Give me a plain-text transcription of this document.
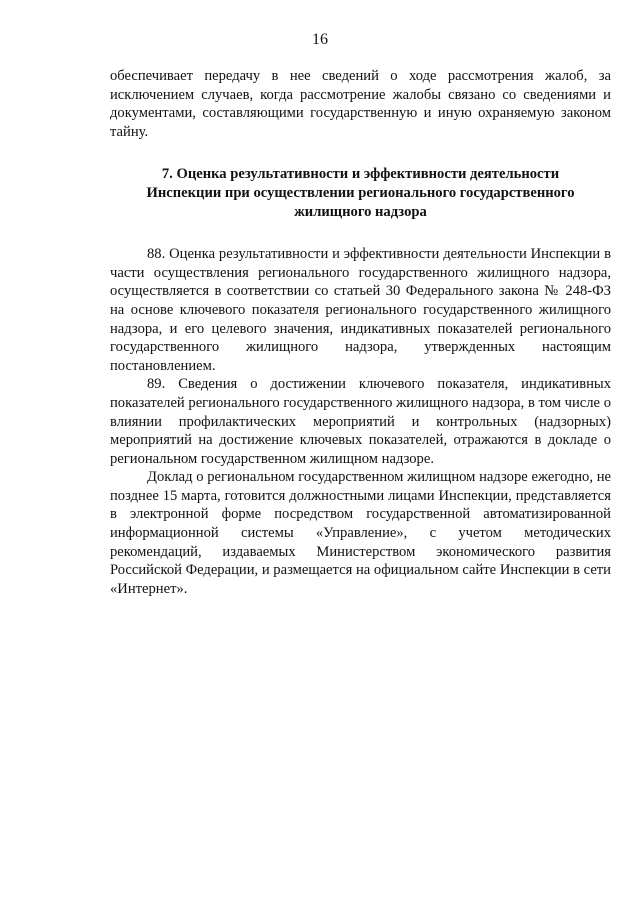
16

обеспечивает передачу в нее сведений о ходе рассмотрения жалоб, за исключением случаев, когда рассмотрение жалобы связано со сведениями и документами, составляющими государственную и иную охраняемую законом тайну.

7. Оценка результативности и эффективности деятельности
Инспекции при осуществлении регионального государственного
жилищного надзора

88. Оценка результативности и эффективности деятельности Инспекции в части осуществления регионального государственного жилищного надзора, осуществляется в соответствии со статьей 30 Федерального закона № 248-ФЗ на основе ключевого показателя регионального государственного жилищного надзора, и его целевого значения, индикативных показателей регионального государственного жилищного надзора, утвержденных настоящим постановлением.

89. Сведения о достижении ключевого показателя, индикативных показателей регионального государственного жилищного надзора, в том числе о влиянии профилактических мероприятий и контрольных (надзорных) мероприятий на достижение ключевых показателей, отражаются в докладе о региональном государственном жилищном надзоре.

Доклад о региональном государственном жилищном надзоре ежегодно, не позднее 15 марта, готовится должностными лицами Инспекции, представляется в электронной форме посредством государственной автоматизированной информационной системы «Управление», с учетом методических рекомендаций, издаваемых Министерством экономического развития Российской Федерации, и размещается на официальном сайте Инспекции в сети «Интернет».
